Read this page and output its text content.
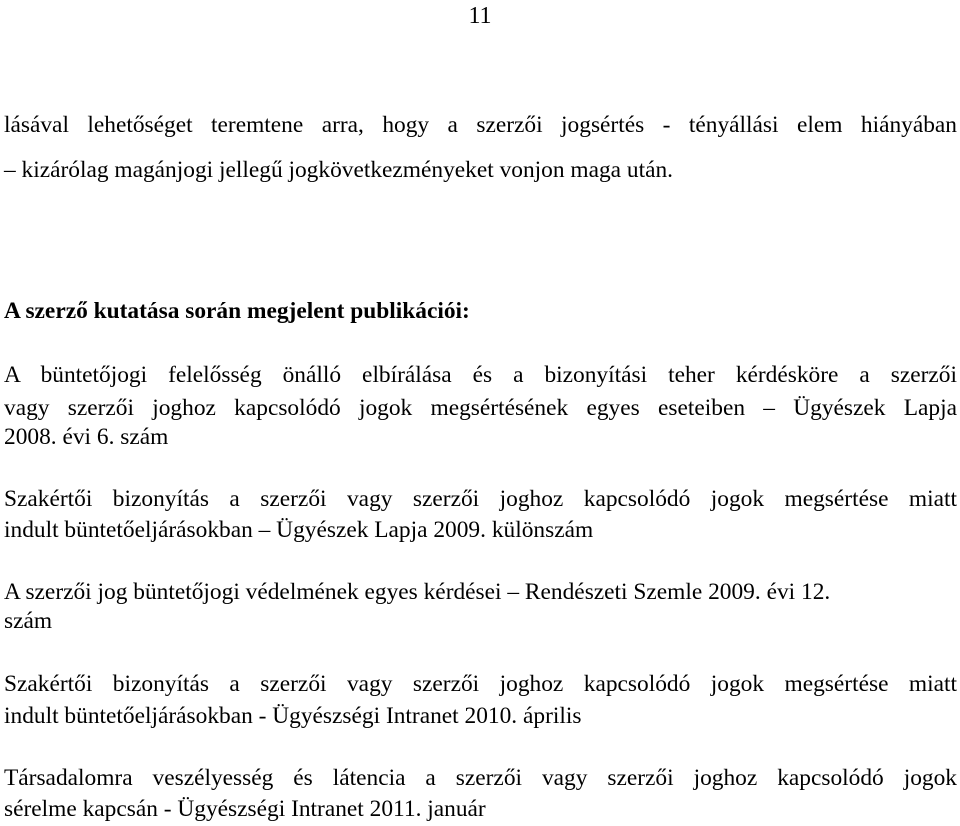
11
lásával lehetőséget teremtene arra, hogy a szerzői jogsértés - tényállási elem hiányában
– kizárólag magánjogi jellegű jogkövetkezményeket vonjon maga után.
A szerző kutatása során megjelent publikációi:
A büntetőjogi felelősség önálló elbírálása és a bizonyítási teher kérdésköre a szerzői
vagy szerzői joghoz kapcsolódó jogok megsértésének egyes eseteiben – Ügyészek Lapja
2008. évi 6. szám
Szakértői bizonyítás a szerzői vagy szerzői joghoz kapcsolódó jogok megsértése miatt
indult büntetőeljárásokban – Ügyészek Lapja 2009. különszám
A szerzői jog büntetőjogi védelmének egyes kérdései – Rendészeti Szemle 2009. évi 12.
szám
Szakértői bizonyítás a szerzői vagy szerzői joghoz kapcsolódó jogok megsértése miatt
indult büntetőeljárásokban - Ügyészségi Intranet 2010. április
Társadalomra veszélyesség és látencia a szerzői vagy szerzői joghoz kapcsolódó jogok
sérelme kapcsán - Ügyészségi Intranet 2011. január
